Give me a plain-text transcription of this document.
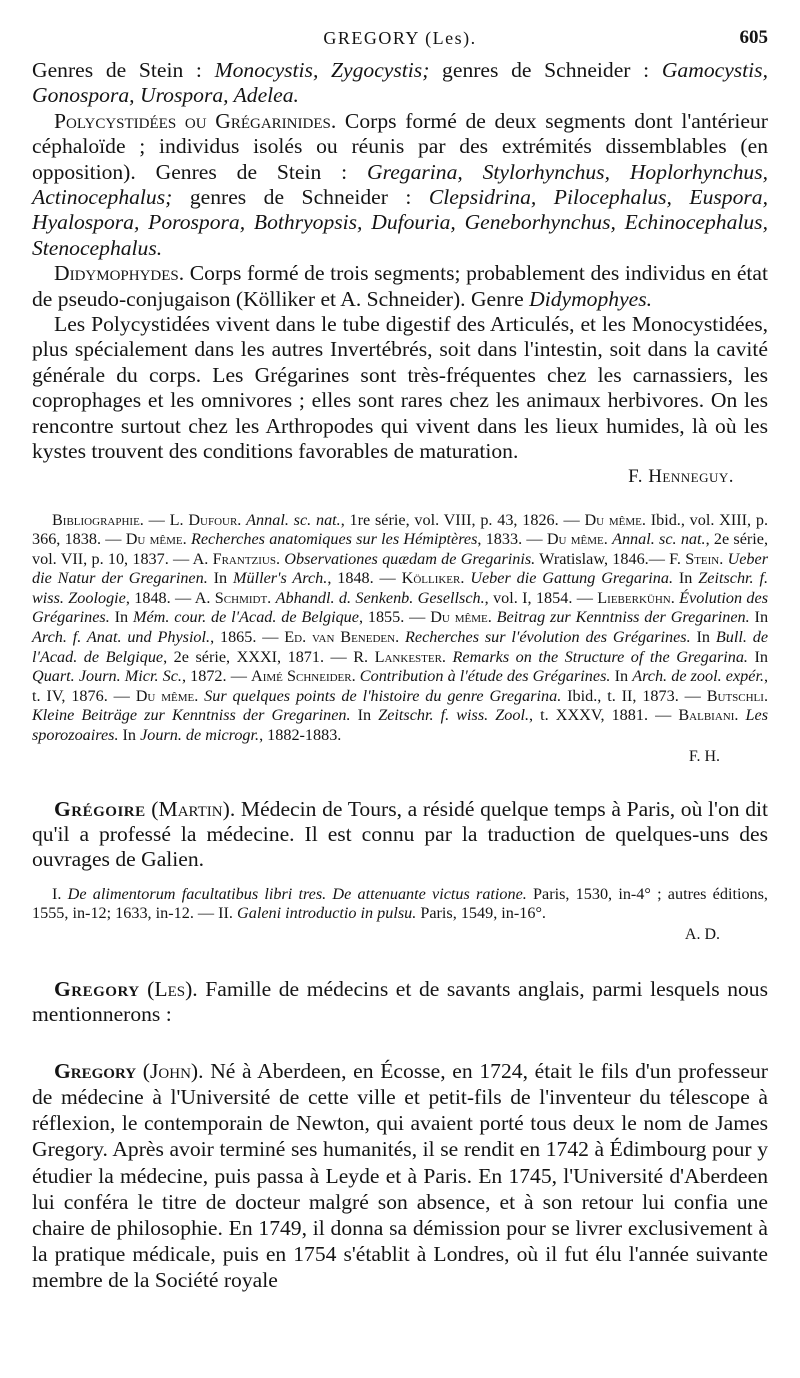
GREGORY (Les).	605

Genres de Stein : Monocystis, Zygocystis; genres de Schneider : Gamocystis, Gonospora, Urospora, Adelea.

Polycystidées ou Grégarinides. Corps formé de deux segments dont l'antérieur céphaloïde ; individus isolés ou réunis par des extrémités dissemblables (en opposition). Genres de Stein : Gregarina, Stylorhynchus, Hoplorhynchus, Actinocephalus; genres de Schneider : Clepsidrina, Pilocephalus, Euspora, Hyalospora, Porospora, Bothryopsis, Dufouria, Geneborhynchus, Echinocephalus, Stenocephalus.

Didymophydes. Corps formé de trois segments; probablement des individus en état de pseudo-conjugaison (Kölliker et A. Schneider). Genre Didymophyes.

Les Polycystidées vivent dans le tube digestif des Articulés, et les Monocystidées, plus spécialement dans les autres Invertébrés, soit dans l'intestin, soit dans la cavité générale du corps. Les Grégarines sont très-fréquentes chez les carnassiers, les coprophages et les omnivores ; elles sont rares chez les animaux herbivores. On les rencontre surtout chez les Arthropodes qui vivent dans les lieux humides, là où les kystes trouvent des conditions favorables de maturation.

F. Henneguy.

Bibliographie. — L. Dufour. Annal. sc. nat., 1re série, vol. VIII, p. 43, 1826. — Du même. Ibid., vol. XIII, p. 366, 1838. — Du même. Recherches anatomiques sur les Hémiptères, 1833. — Du même. Annal. sc. nat., 2e série, vol. VII, p. 10, 1837. — A. Frantzius. Observationes quædam de Gregarinis. Wratislaw, 1846.— F. Stein. Ueber die Natur der Gregarinen. In Müller's Arch., 1848. — Kölliker. Ueber die Gattung Gregarina. In Zeitschr. f. wiss. Zoologie, 1848. — A. Schmidt. Abhandl. d. Senkenb. Gesellsch., vol. I, 1854. — Lieberkühn. Évolution des Grégarines. In Mém. cour. de l'Acad. de Belgique, 1855. — Du même. Beitrag zur Kenntniss der Gregarinen. In Arch. f. Anat. und Physiol., 1865. — Ed. van Beneden. Recherches sur l'évolution des Grégarines. In Bull. de l'Acad. de Belgique, 2e série, XXXI, 1871. — R. Lankester. Remarks on the Structure of the Gregarina. In Quart. Journ. Micr. Sc., 1872. — Aimé Schneider. Contribution à l'étude des Grégarines. In Arch. de zool. expér., t. IV, 1876. — Du même. Sur quelques points de l'histoire du genre Gregarina. Ibid., t. II, 1873. — Butschli. Kleine Beiträge zur Kenntniss der Gregarinen. In Zeitschr. f. wiss. Zool., t. XXXV, 1881. — Balbiani. Les sporozoaires. In Journ. de microgr., 1882-1883.

F. H.

Grégoire (Martin). Médecin de Tours, a résidé quelque temps à Paris, où l'on dit qu'il a professé la médecine. Il est connu par la traduction de quelques-uns des ouvrages de Galien.

I. De alimentorum facultatibus libri tres. De attenuante victus ratione. Paris, 1530, in-4° ; autres éditions, 1555, in-12; 1633, in-12. — II. Galeni introductio in pulsu. Paris, 1549, in-16°.

A. D.

Gregory (Les). Famille de médecins et de savants anglais, parmi lesquels nous mentionnerons :

Gregory (John). Né à Aberdeen, en Écosse, en 1724, était le fils d'un professeur de médecine à l'Université de cette ville et petit-fils de l'inventeur du télescope à réflexion, le contemporain de Newton, qui avaient porté tous deux le nom de James Gregory. Après avoir terminé ses humanités, il se rendit en 1742 à Édimbourg pour y étudier la médecine, puis passa à Leyde et à Paris. En 1745, l'Université d'Aberdeen lui conféra le titre de docteur malgré son absence, et à son retour lui confia une chaire de philosophie. En 1749, il donna sa démission pour se livrer exclusivement à la pratique médicale, puis en 1754 s'établit à Londres, où il fut élu l'année suivante membre de la Société royale
